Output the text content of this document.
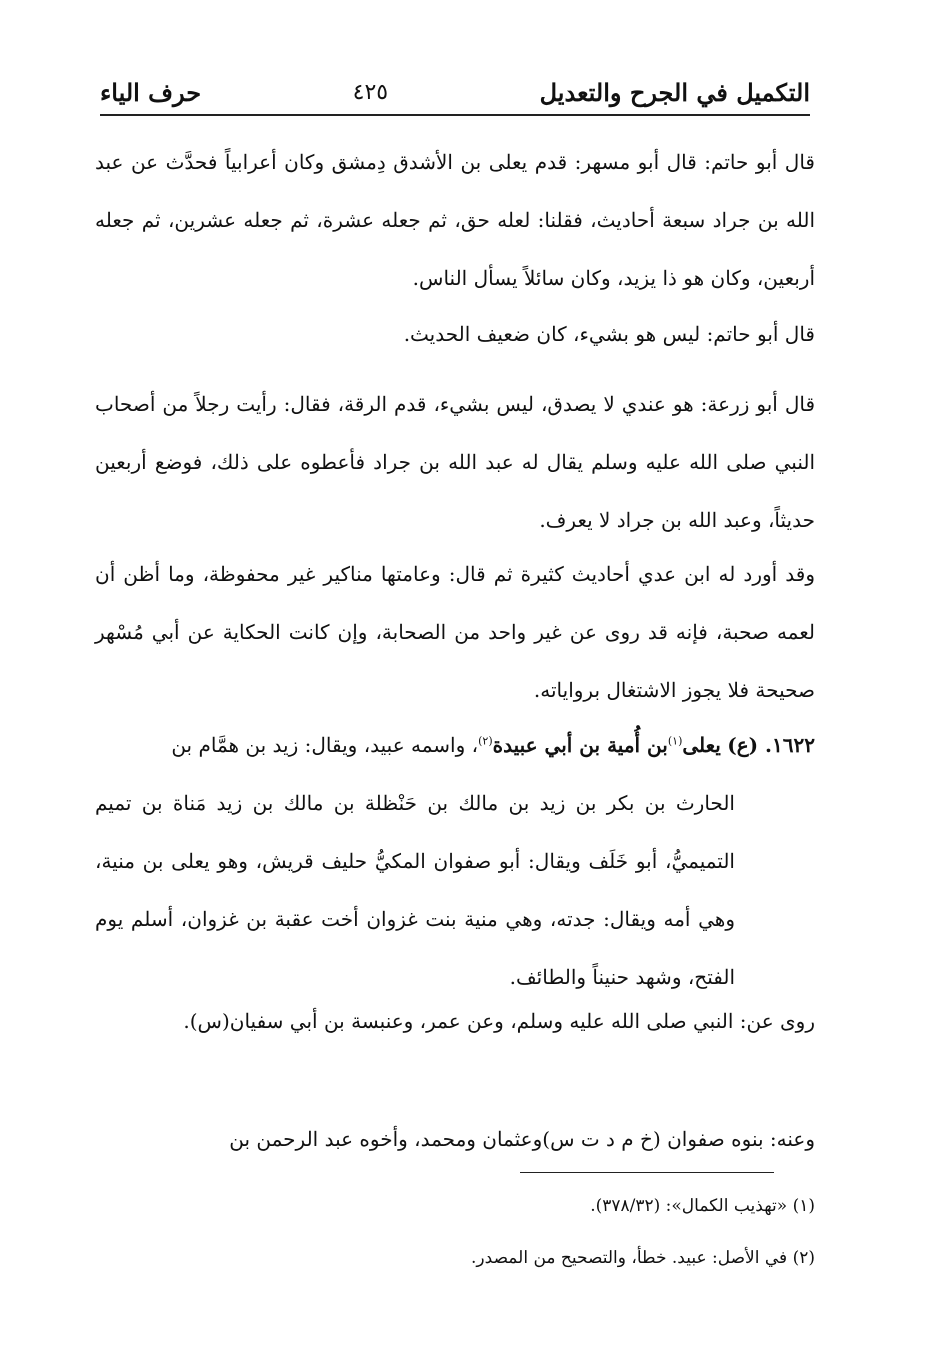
التكميل في الجرح والتعديل
٤٢٥
حرف الياء

قال أبو حاتم: قال أبو مسهر: قدم يعلى بن الأشدق دِمشق وكان أعرابياً فحدَّث عن عبد الله بن جراد سبعة أحاديث، فقلنا: لعله حق، ثم جعله عشرة، ثم جعله عشرين، ثم جعله أربعين، وكان هو ذا يزيد، وكان سائلاً يسأل الناس.

قال أبو حاتم: ليس هو بشيء، كان ضعيف الحديث.

قال أبو زرعة: هو عندي لا يصدق، ليس بشيء، قدم الرقة، فقال: رأيت رجلاً من أصحاب النبي صلى الله عليه وسلم يقال له عبد الله بن جراد فأعطوه على ذلك، فوضع أربعين حديثاً، وعبد الله بن جراد لا يعرف.

وقد أورد له ابن عدي أحاديث كثيرة ثم قال: وعامتها مناكير غير محفوظة، وما أظن أن لعمه صحبة، فإنه قد روى عن غير واحد من الصحابة، وإن كانت الحكاية عن أبي مُسْهر صحيحة فلا يجوز الاشتغال برواياته.

١٦٢٢. (ع) يعلى$^{(١)}$بن أُمية بن أبي عبيدة$^{(٢)}$، واسمه عبيد، ويقال: زيد بن همَّام بن
الحارث بن بكر بن زيد بن مالك بن حَنْظلة بن مالك بن زيد مَناة بن تميم التميميُّ، أبو خَلَف ويقال: أبو صفوان المكيُّ حليف قريش، وهو يعلى بن منية، وهي أمه ويقال: جدته، وهي منية بنت غزوان أخت عقبة بن غزوان، أسلم يوم الفتح، وشهد حنيناً والطائف.

روى عن: النبي صلى الله عليه وسلم، وعن عمر، وعنبسة بن أبي سفيان(س).

وعنه: بنوه صفوان (خ م د ت س)وعثمان ومحمد، وأخوه عبد الرحمن بن

(١) «تهذيب الكمال»: (٣٧٨/٣٢).

(٢) في الأصل: عبيد. خطأ، والتصحيح من المصدر.
